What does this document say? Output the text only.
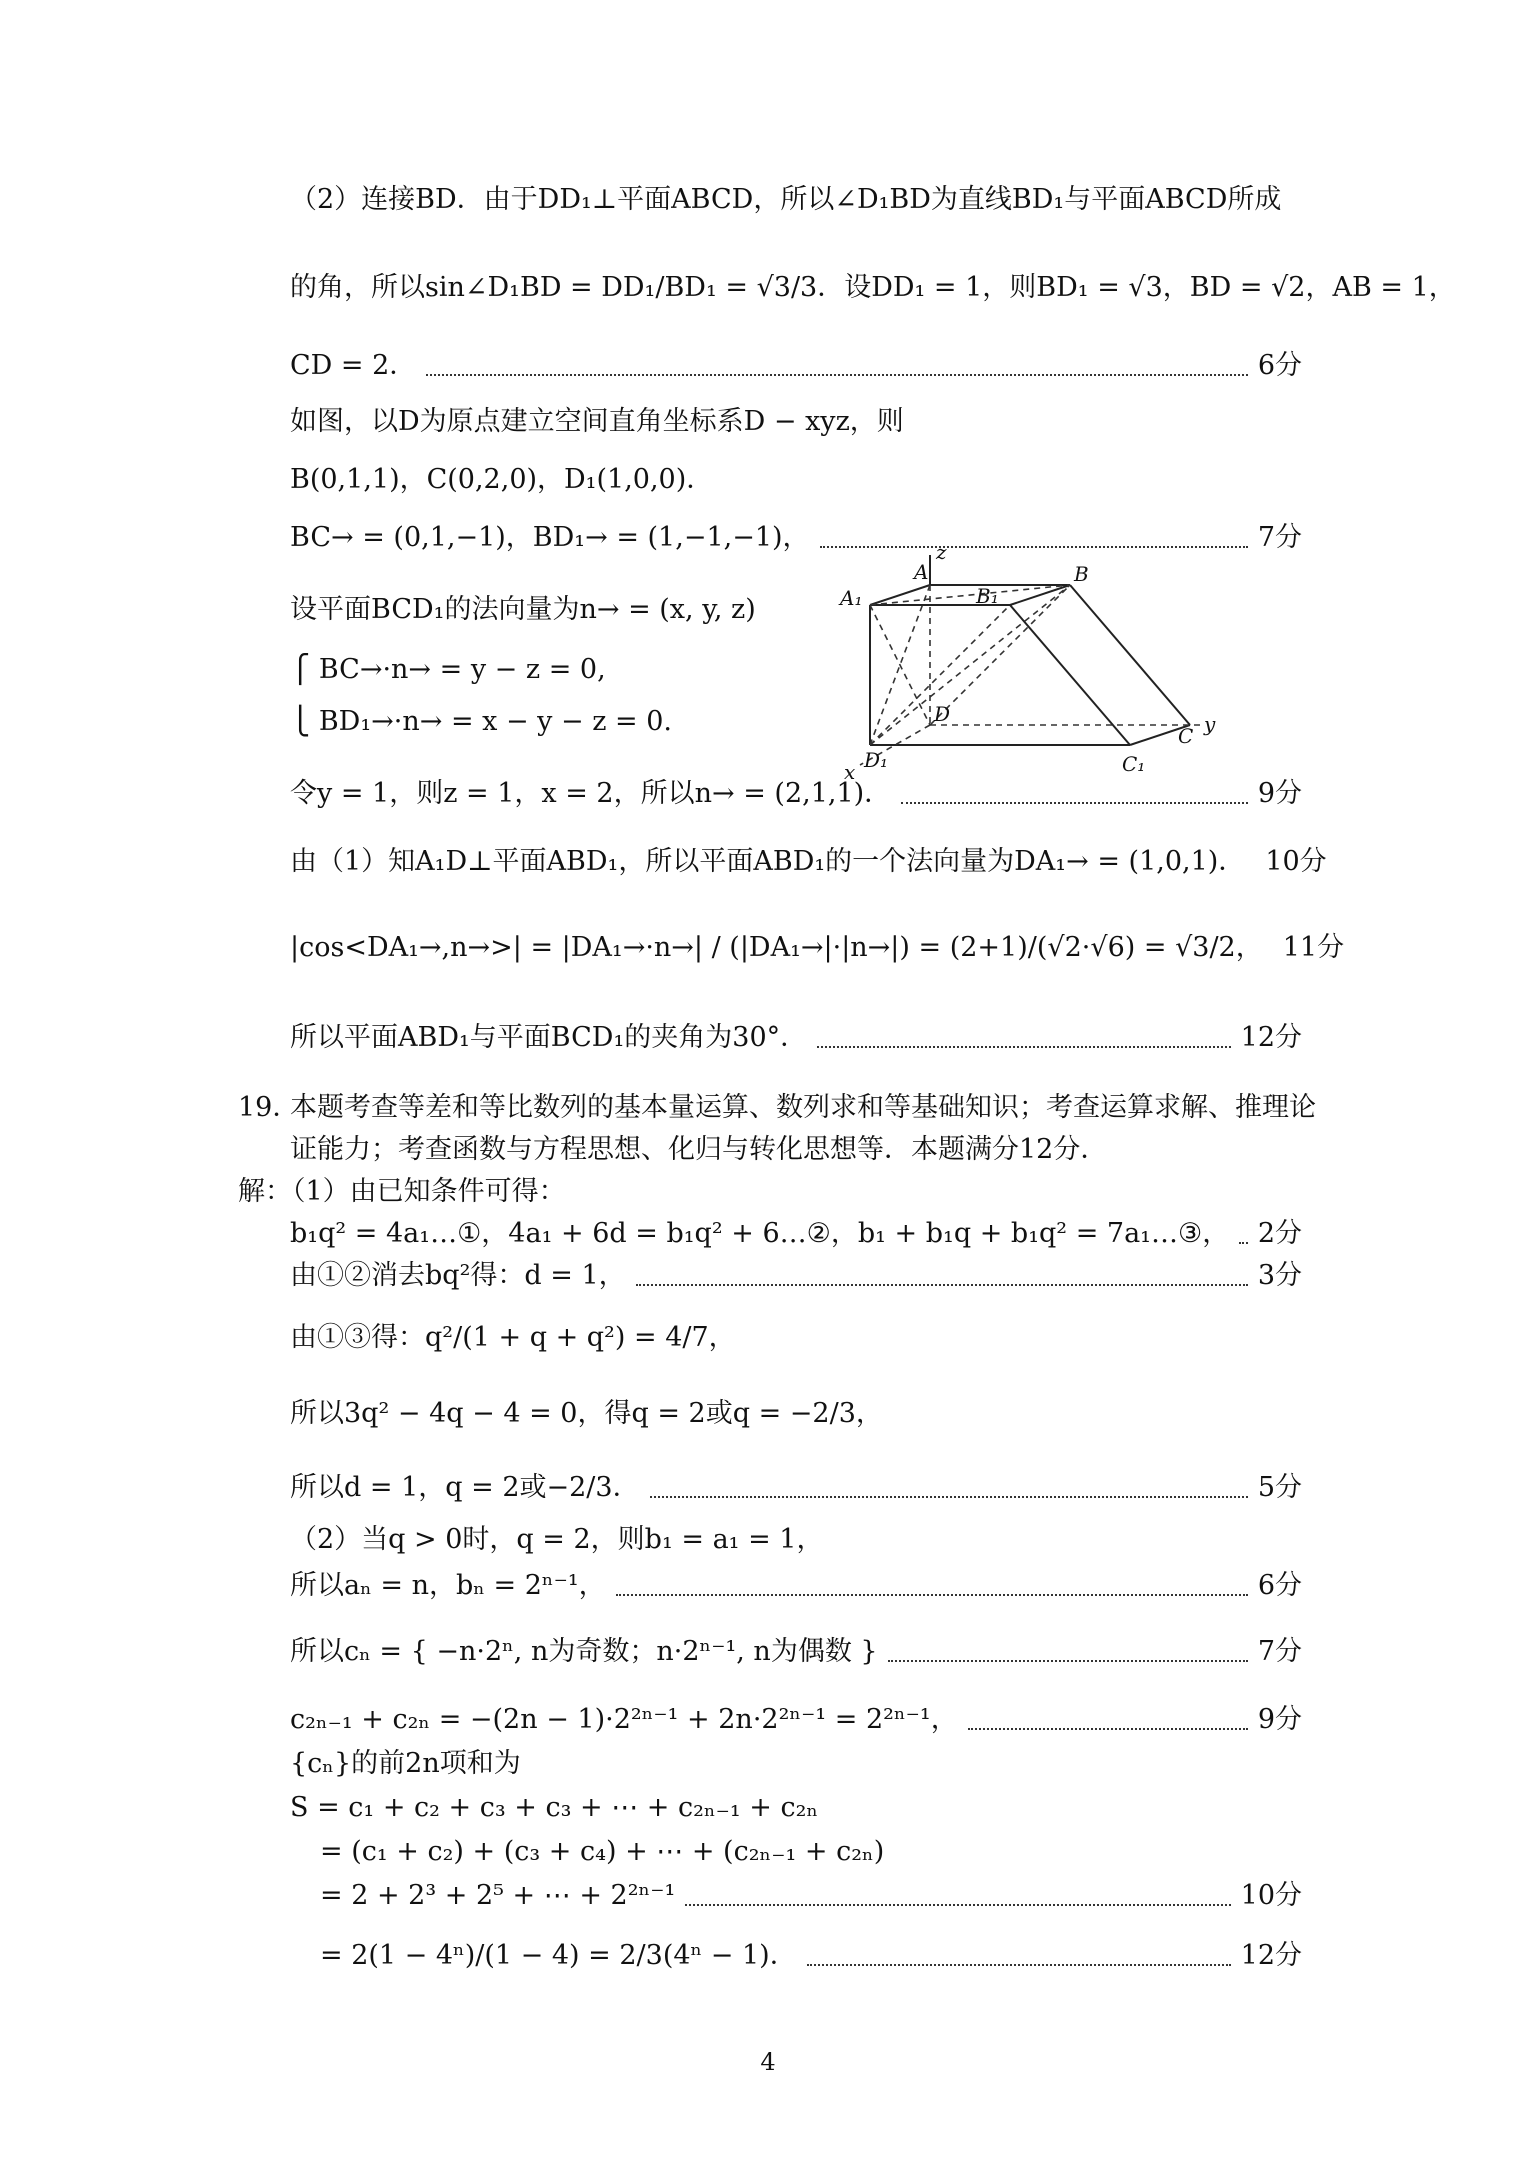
（2）连接BD．由于DD₁⊥平面ABCD，所以∠D₁BD为直线BD₁与平面ABCD所成
的角，所以sin∠D₁BD = DD₁/BD₁ = √3/3．设DD₁ = 1，则BD₁ = √3，BD = √2，AB = 1，
CD = 2．	6分
如图，以D为原点建立空间直角坐标系D − xyz，则
B(0,1,1)，C(0,2,0)，D₁(1,0,0)．
BC→ = (0,1,−1)，BD₁→ = (1,−1,−1)，	7分
设平面BCD₁的法向量为n→ = (x, y, z)
⎧ BC→·n→ = y − z = 0,
⎩ BD₁→·n→ = x − y − z = 0.
令y = 1，则z = 1，x = 2，所以n→ = (2,1,1)．	9分
由（1）知A₁D⊥平面ABD₁，所以平面ABD₁的一个法向量为DA₁→ = (1,0,1)． 10分
|cos<DA₁→,n→>| = |DA₁→·n→| / (|DA₁→|·|n→|) = (2+1)/(√2·√6) = √3/2， 11分
所以平面ABD₁与平面BCD₁的夹角为30°．	12分
z
A	B
A₁	B₁
D
D₁
x	C₁
C y
19．
本题考查等差和等比数列的基本量运算、数列求和等基础知识；考查运算求解、推理论
证能力；考查函数与方程思想、化归与转化思想等．本题满分12分．
解：（1）由已知条件可得：
b₁q² = 4a₁…①，4a₁ + 6d = b₁q² + 6…②，b₁ + b₁q + b₁q² = 7a₁…③， 2分
由①②消去bq²得：d = 1，	3分
由①③得：q²/(1 + q + q²) = 4/7，
所以3q² − 4q − 4 = 0，得q = 2或q = −2/3，
所以d = 1，q = 2或−2/3．	5分
（2）当q > 0时，q = 2，则b₁ = a₁ = 1，
所以aₙ = n，bₙ = 2ⁿ⁻¹，	6分
所以cₙ = { −n·2ⁿ, n为奇数；n·2ⁿ⁻¹, n为偶数 }	7分
c₂ₙ₋₁ + c₂ₙ = −(2n − 1)·2²ⁿ⁻¹ + 2n·2²ⁿ⁻¹ = 2²ⁿ⁻¹，	9分
{cₙ}的前2n项和为
S = c₁ + c₂ + c₃ + c₃ + ⋯ + c₂ₙ₋₁ + c₂ₙ
= (c₁ + c₂) + (c₃ + c₄) + ⋯ + (c₂ₙ₋₁ + c₂ₙ)
= 2 + 2³ + 2⁵ + ⋯ + 2²ⁿ⁻¹	10分
= 2(1 − 4ⁿ)/(1 − 4) = 2/3(4ⁿ − 1)．	12分
4
